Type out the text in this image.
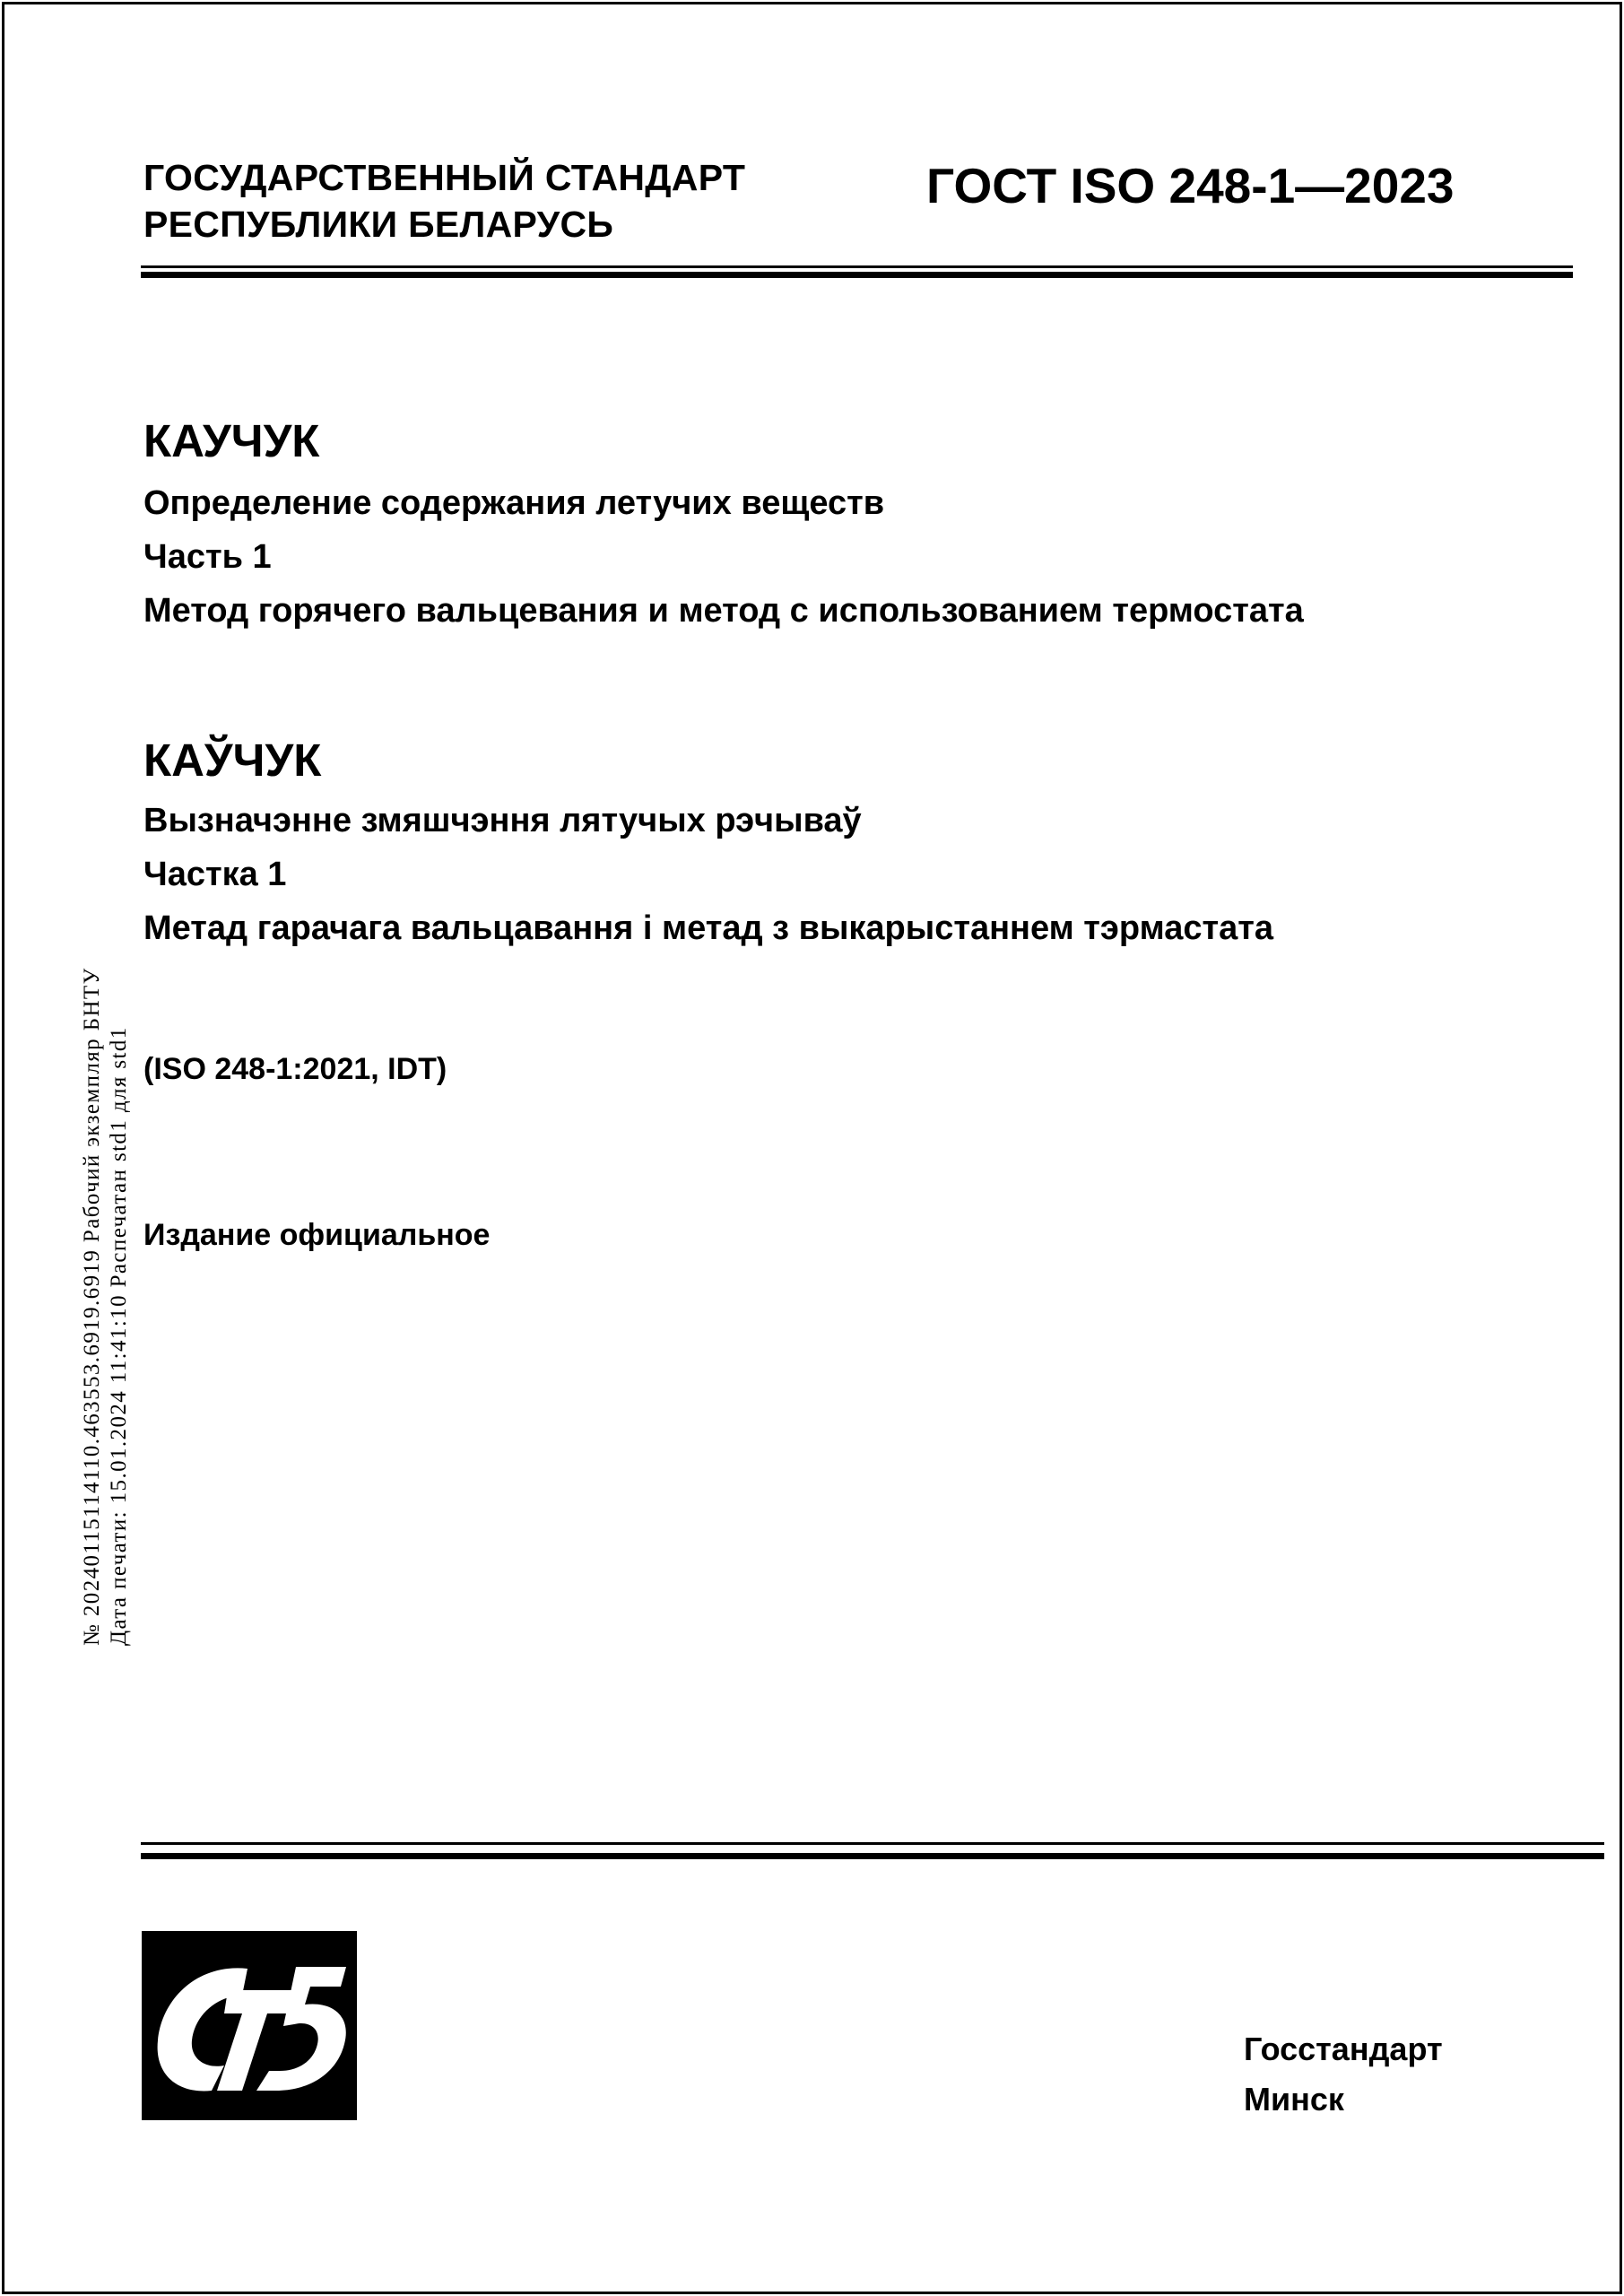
ГОСУДАРСТВЕННЫЙ СТАНДАРТ
РЕСПУБЛИКИ БЕЛАРУСЬ
ГОСТ ISO 248-1—2023
КАУЧУК
Определение содержания летучих веществ
Часть 1
Метод горячего вальцевания и метод с использованием термостата
КАЎЧУК
Вызначэнне змяшчэння лятучых рэчываў
Частка 1
Метад гарачага вальцавання і метад з выкарыстаннем тэрмастата
(ISO 248-1:2021, IDT)
Издание официальное
№ 20240115114110.463553.6919.6919 Рабочий экземпляр БНТУ Дата печати: 15.01.2024 11:41:10 Распечатан std1 для std1
Госстандарт
Минск
